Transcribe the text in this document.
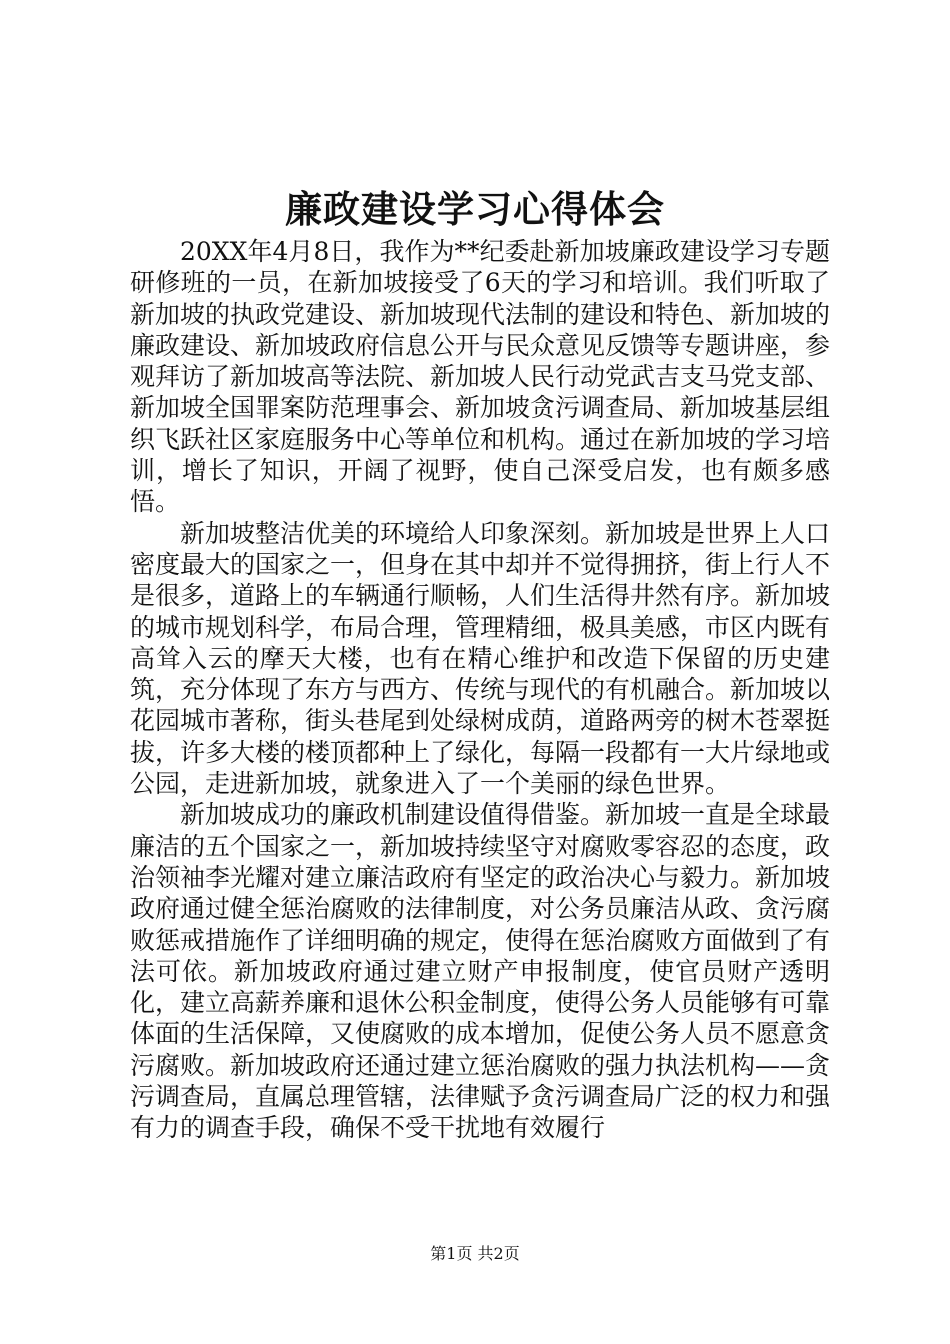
廉政建设学习心得体会

20XX年4月8日，我作为**纪委赴新加坡廉政建设学习专题研修班的一员，在新加坡接受了6天的学习和培训。我们听取了新加坡的执政党建设、新加坡现代法制的建设和特色、新加坡的廉政建设、新加坡政府信息公开与民众意见反馈等专题讲座，参观拜访了新加坡高等法院、新加坡人民行动党武吉支马党支部、新加坡全国罪案防范理事会、新加坡贪污调查局、新加坡基层组织飞跃社区家庭服务中心等单位和机构。通过在新加坡的学习培训，增长了知识，开阔了视野，使自己深受启发，也有颇多感悟。

新加坡整洁优美的环境给人印象深刻。新加坡是世界上人口密度最大的国家之一，但身在其中却并不觉得拥挤，街上行人不是很多，道路上的车辆通行顺畅，人们生活得井然有序。新加坡的城市规划科学，布局合理，管理精细，极具美感，市区内既有高耸入云的摩天大楼，也有在精心维护和改造下保留的历史建筑，充分体现了东方与西方、传统与现代的有机融合。新加坡以花园城市著称，街头巷尾到处绿树成荫，道路两旁的树木苍翠挺拔，许多大楼的楼顶都种上了绿化，每隔一段都有一大片绿地或公园，走进新加坡，就象进入了一个美丽的绿色世界。

新加坡成功的廉政机制建设值得借鉴。新加坡一直是全球最廉洁的五个国家之一，新加坡持续坚守对腐败零容忍的态度，政治领袖李光耀对建立廉洁政府有坚定的政治决心与毅力。新加坡政府通过健全惩治腐败的法律制度，对公务员廉洁从政、贪污腐败惩戒措施作了详细明确的规定，使得在惩治腐败方面做到了有法可依。新加坡政府通过建立财产申报制度，使官员财产透明化，建立高薪养廉和退休公积金制度，使得公务人员能够有可靠体面的生活保障，又使腐败的成本增加，促使公务人员不愿意贪污腐败。新加坡政府还通过建立惩治腐败的强力执法机构——贪污调查局，直属总理管辖，法律赋予贪污调查局广泛的权力和强有力的调查手段，确保不受干扰地有效履行

第1页 共2页
